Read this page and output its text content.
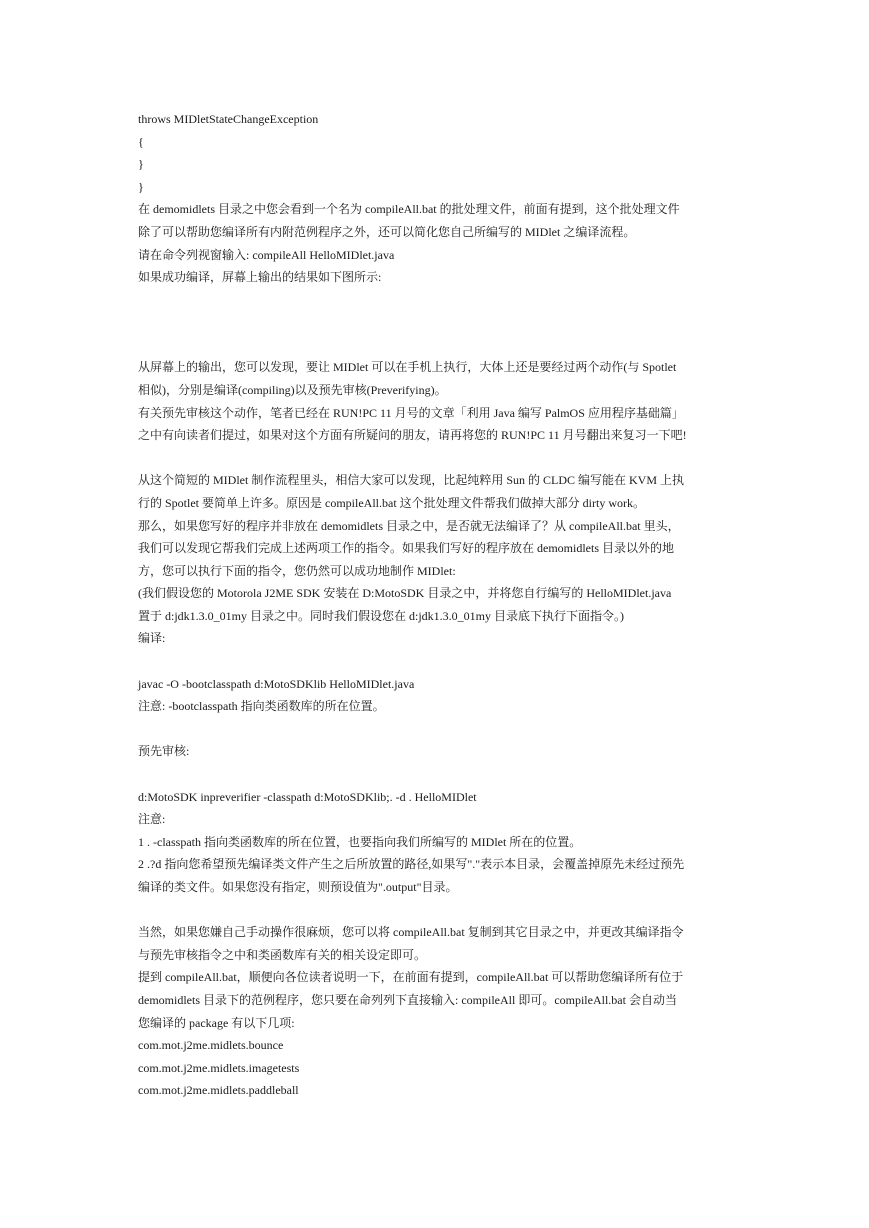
throws MIDletStateChangeException
{
}
}
在 demomidlets 目录之中您会看到一个名为 compileAll.bat 的批处理文件，前面有提到，这个批处理文件
除了可以帮助您编译所有内附范例程序之外，还可以简化您自己所编写的 MIDlet 之编译流程。
请在命令列视窗输入: compileAll HelloMIDlet.java
如果成功编译，屏幕上输出的结果如下图所示:
从屏幕上的输出，您可以发现，要让 MIDlet 可以在手机上执行，大体上还是要经过两个动作(与 Spotlet
相似)，分别是编译(compiling)以及预先审核(Preverifying)。
有关预先审核这个动作，笔者已经在 RUN!PC 11 月号的文章「利用 Java 编写 PalmOS 应用程序基础篇」
之中有向读者们提过，如果对这个方面有所疑问的朋友，请再将您的 RUN!PC 11 月号翻出来复习一下吧!
从这个简短的 MIDlet 制作流程里头，相信大家可以发现，比起纯粹用 Sun 的 CLDC 编写能在 KVM 上执
行的 Spotlet 要简单上许多。原因是 compileAll.bat 这个批处理文件帮我们做掉大部分 dirty work。
那么，如果您写好的程序并非放在 demomidlets 目录之中，是否就无法编译了？从 compileAll.bat 里头，
我们可以发现它帮我们完成上述两项工作的指令。如果我们写好的程序放在 demomidlets 目录以外的地
方，您可以执行下面的指令，您仍然可以成功地制作 MIDlet:
(我们假设您的 Motorola J2ME SDK 安装在 D:MotoSDK 目录之中，并将您自行编写的 HelloMIDlet.java
置于 d:jdk1.3.0_01my 目录之中。同时我们假设您在 d:jdk1.3.0_01my 目录底下执行下面指令。)
编译:
javac -O -bootclasspath d:MotoSDKlib HelloMIDlet.java
注意: -bootclasspath 指向类函数库的所在位置。
预先审核:
d:MotoSDK inpreverifier -classpath d:MotoSDKlib;. -d . HelloMIDlet
注意:
1 . -classpath 指向类函数库的所在位置，也要指向我们所编写的 MIDlet 所在的位置。
2 .?d 指向您希望预先编译类文件产生之后所放置的路径,如果写"."表示本目录，会覆盖掉原先未经过预先
编译的类文件。如果您没有指定，则预设值为".output"目录。
当然，如果您嫌自己手动操作很麻烦，您可以将 compileAll.bat 复制到其它目录之中，并更改其编译指令
与预先审核指令之中和类函数库有关的相关设定即可。
提到 compileAll.bat，顺便向各位读者说明一下，在前面有提到，compileAll.bat 可以帮助您编译所有位于
demomidlets 目录下的范例程序，您只要在命列列下直接输入: compileAll 即可。compileAll.bat 会自动当
您编译的 package 有以下几项:
com.mot.j2me.midlets.bounce
com.mot.j2me.midlets.imagetests
com.mot.j2me.midlets.paddleball
